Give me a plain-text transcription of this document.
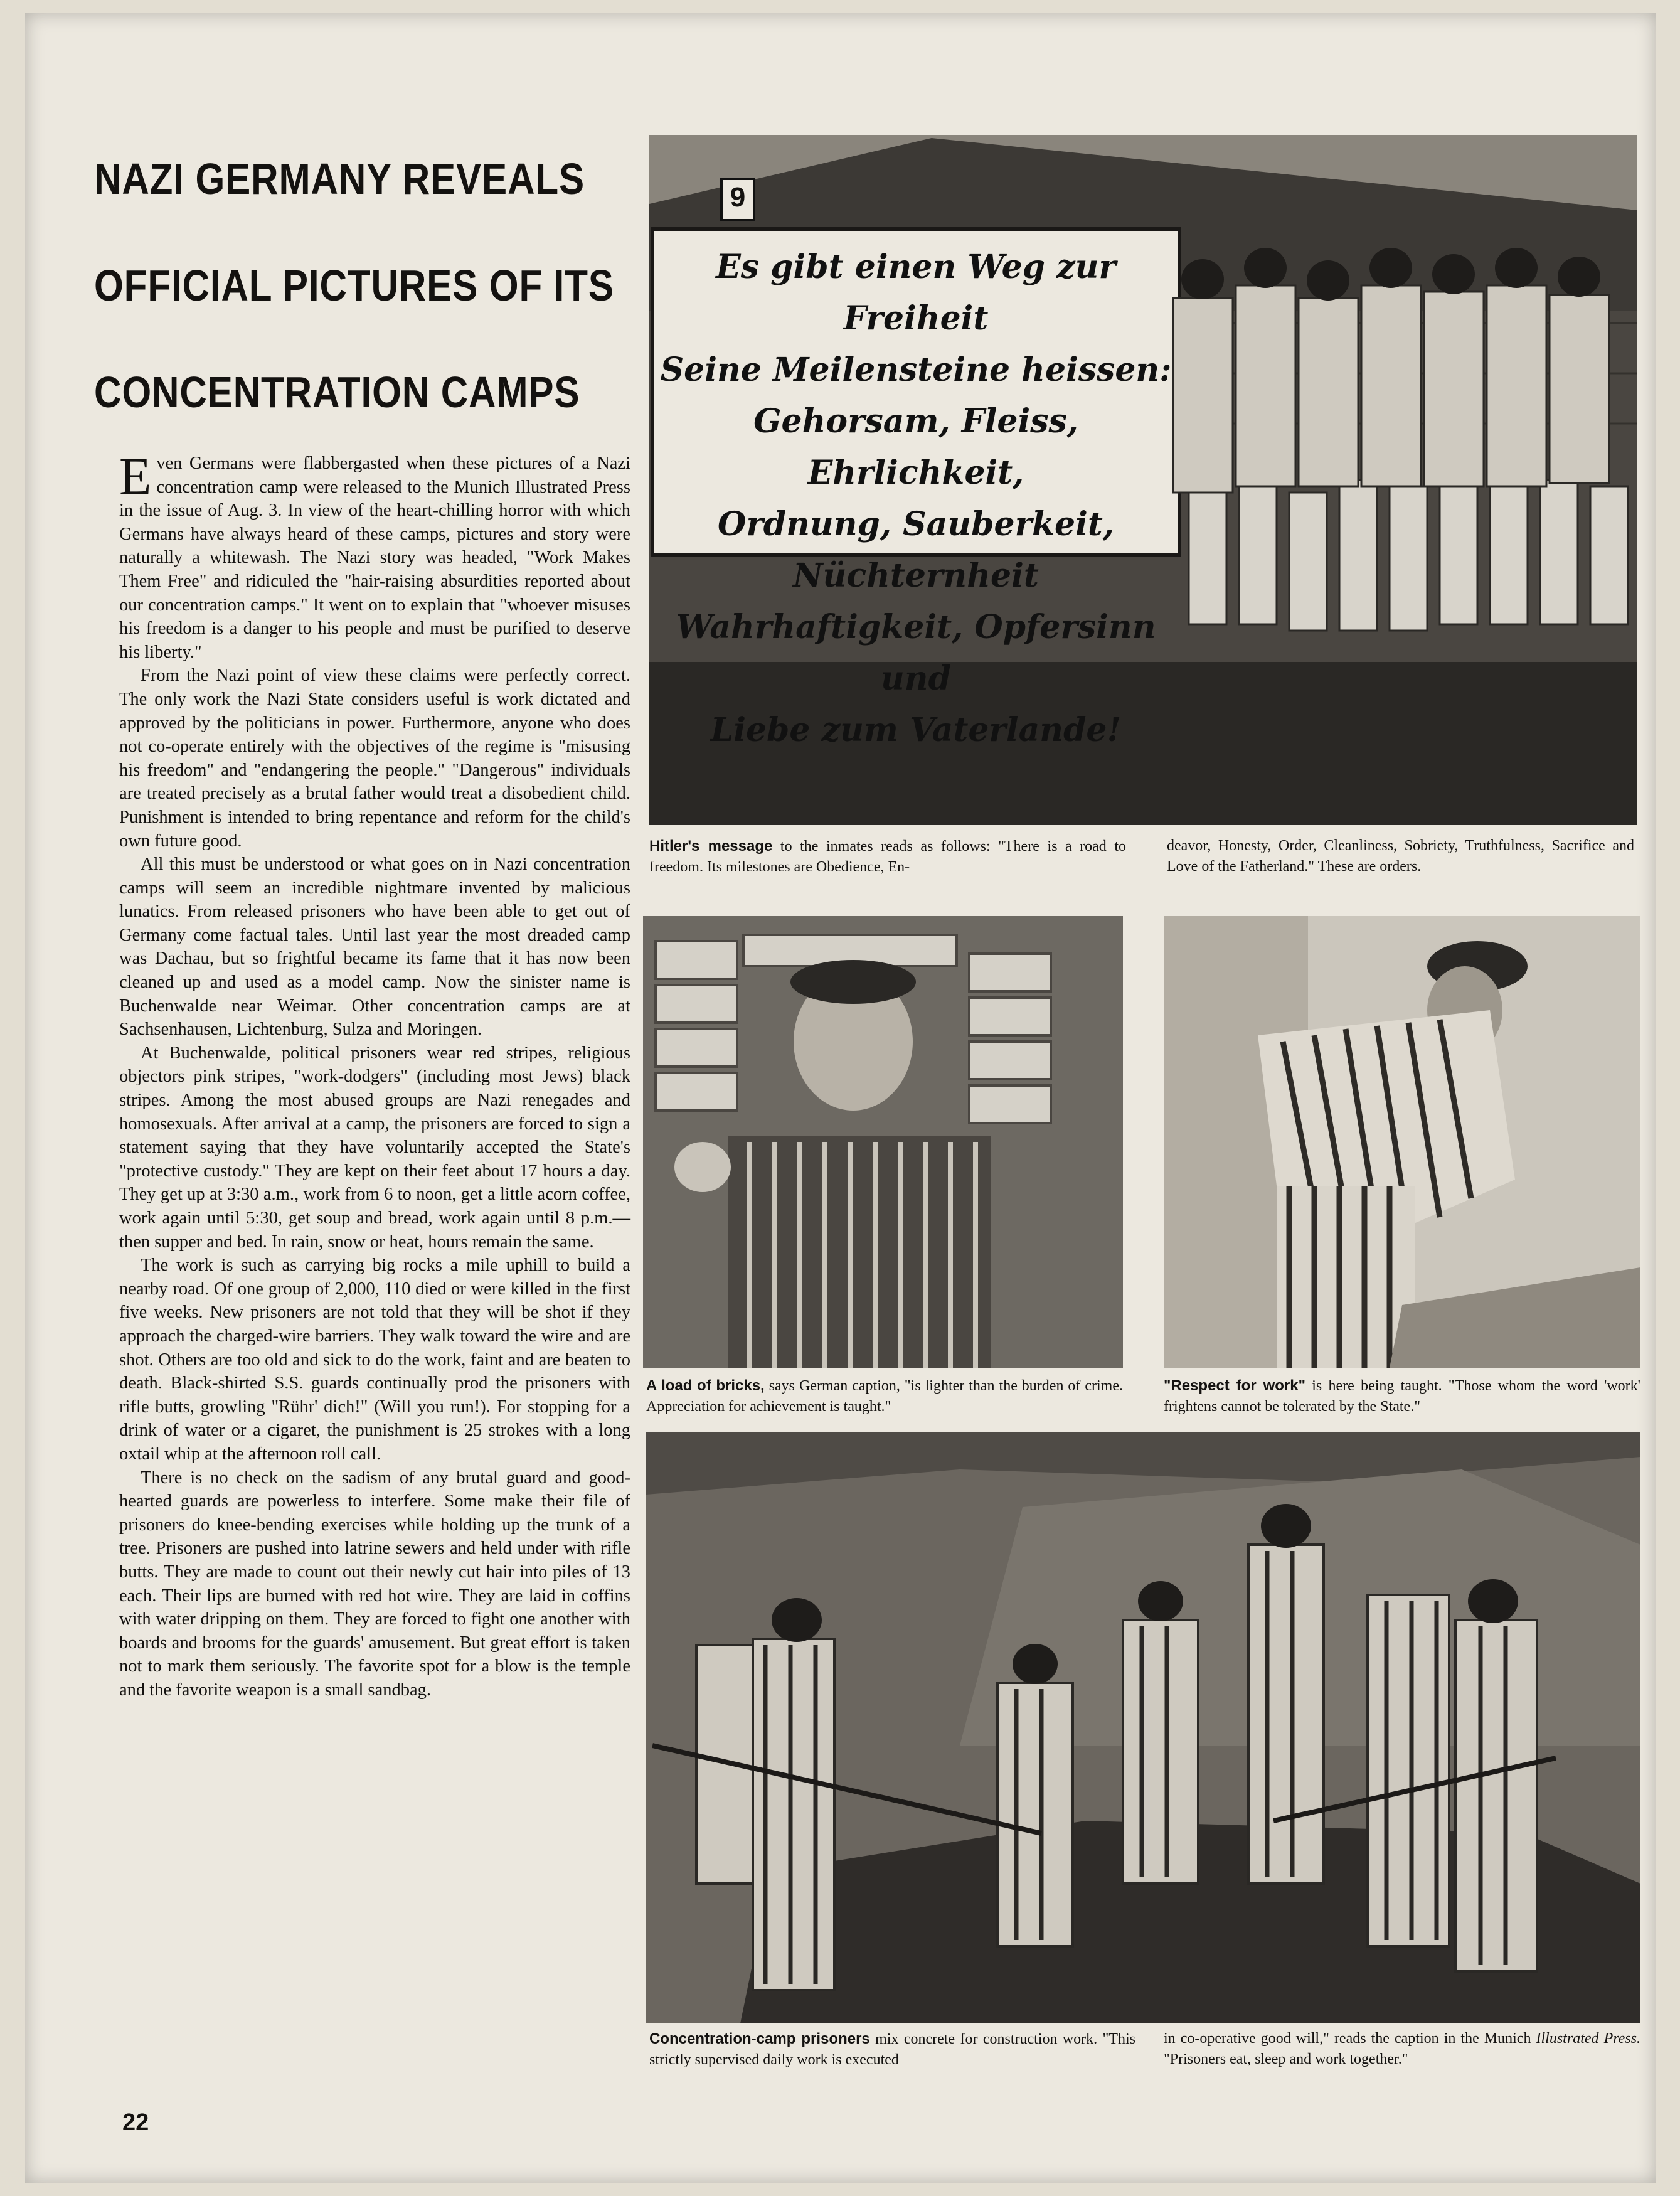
NAZI GERMANY REVEALS
OFFICIAL PICTURES OF ITS
CONCENTRATION CAMPS

Even Germans were flabbergasted when these pictures of a Nazi concentration camp were released to the Munich Illustrated Press in the issue of Aug. 3. In view of the heart-chilling horror with which Germans have always heard of these camps, pictures and story were naturally a whitewash. The Nazi story was headed, "Work Makes Them Free" and ridiculed the "hair-raising absurdities reported about our concentration camps." It went on to explain that "whoever misuses his freedom is a danger to his people and must be purified to deserve his liberty."

From the Nazi point of view these claims were perfectly correct. The only work the Nazi State considers useful is work dictated and approved by the politicians in power. Furthermore, anyone who does not co-operate entirely with the objectives of the regime is "misusing his freedom" and "endangering the people." "Dangerous" individuals are treated precisely as a brutal father would treat a disobedient child. Punishment is intended to bring repentance and reform for the child's own future good.

All this must be understood or what goes on in Nazi concentration camps will seem an incredible nightmare invented by malicious lunatics. From released prisoners who have been able to get out of Germany come factual tales. Until last year the most dreaded camp was Dachau, but so frightful became its fame that it has now been cleaned up and used as a model camp. Now the sinister name is Buchenwalde near Weimar. Other concentration camps are at Sachsenhausen, Lichtenburg, Sulza and Moringen.

At Buchenwalde, political prisoners wear red stripes, religious objectors pink stripes, "work-dodgers" (including most Jews) black stripes. Among the most abused groups are Nazi renegades and homosexuals. After arrival at a camp, the prisoners are forced to sign a statement saying that they have voluntarily accepted the State's "protective custody." They are kept on their feet about 17 hours a day. They get up at 3:30 a.m., work from 6 to noon, get a little acorn coffee, work again until 5:30, get soup and bread, work again until 8 p.m.—then supper and bed. In rain, snow or heat, hours remain the same.

The work is such as carrying big rocks a mile uphill to build a nearby road. Of one group of 2,000, 110 died or were killed in the first five weeks. New prisoners are not told that they will be shot if they approach the charged-wire barriers. They walk toward the wire and are shot. Others are too old and sick to do the work, faint and are beaten to death. Black-shirted S.S. guards continually prod the prisoners with rifle butts, growling "Rühr' dich!" (Will you run!). For stopping for a drink of water or a cigaret, the punishment is 25 strokes with a long oxtail whip at the afternoon roll call.

There is no check on the sadism of any brutal guard and good-hearted guards are powerless to interfere. Some make their file of prisoners do knee-bending exercises while holding up the trunk of a tree. Prisoners are pushed into latrine sewers and held under with rifle butts. They are made to count out their newly cut hair into piles of 13 each. Their lips are burned with red hot wire. They are laid in coffins with water dripping on them. They are forced to fight one another with boards and brooms for the guards' amusement. But great effort is taken not to mark them seriously. The favorite spot for a blow is the temple and the favorite weapon is a small sandbag.

22
9
Es gibt einen Weg zur Freiheit
Seine Meilensteine heissen:
Gehorsam, Fleiss, Ehrlichkeit,
Ordnung, Sauberkeit, Nüchternheit
Wahrhaftigkeit, Opfersinn und
Liebe zum Vaterlande!
Hitler's message to the inmates reads as follows: "There is a road to freedom. Its milestones are Obedience, En-
deavor, Honesty, Order, Cleanliness, Sobriety, Truthfulness, Sacrifice and Love of the Fatherland." These are orders.
A load of bricks, says German caption, "is lighter than the burden of crime. Appreciation for achievement is taught."
"Respect for work" is here being taught. "Those whom the word 'work' frightens cannot be tolerated by the State."
Concentration-camp prisoners mix concrete for construction work. "This strictly supervised daily work is executed
in co-operative good will," reads the caption in the Munich Illustrated Press. "Prisoners eat, sleep and work together."
